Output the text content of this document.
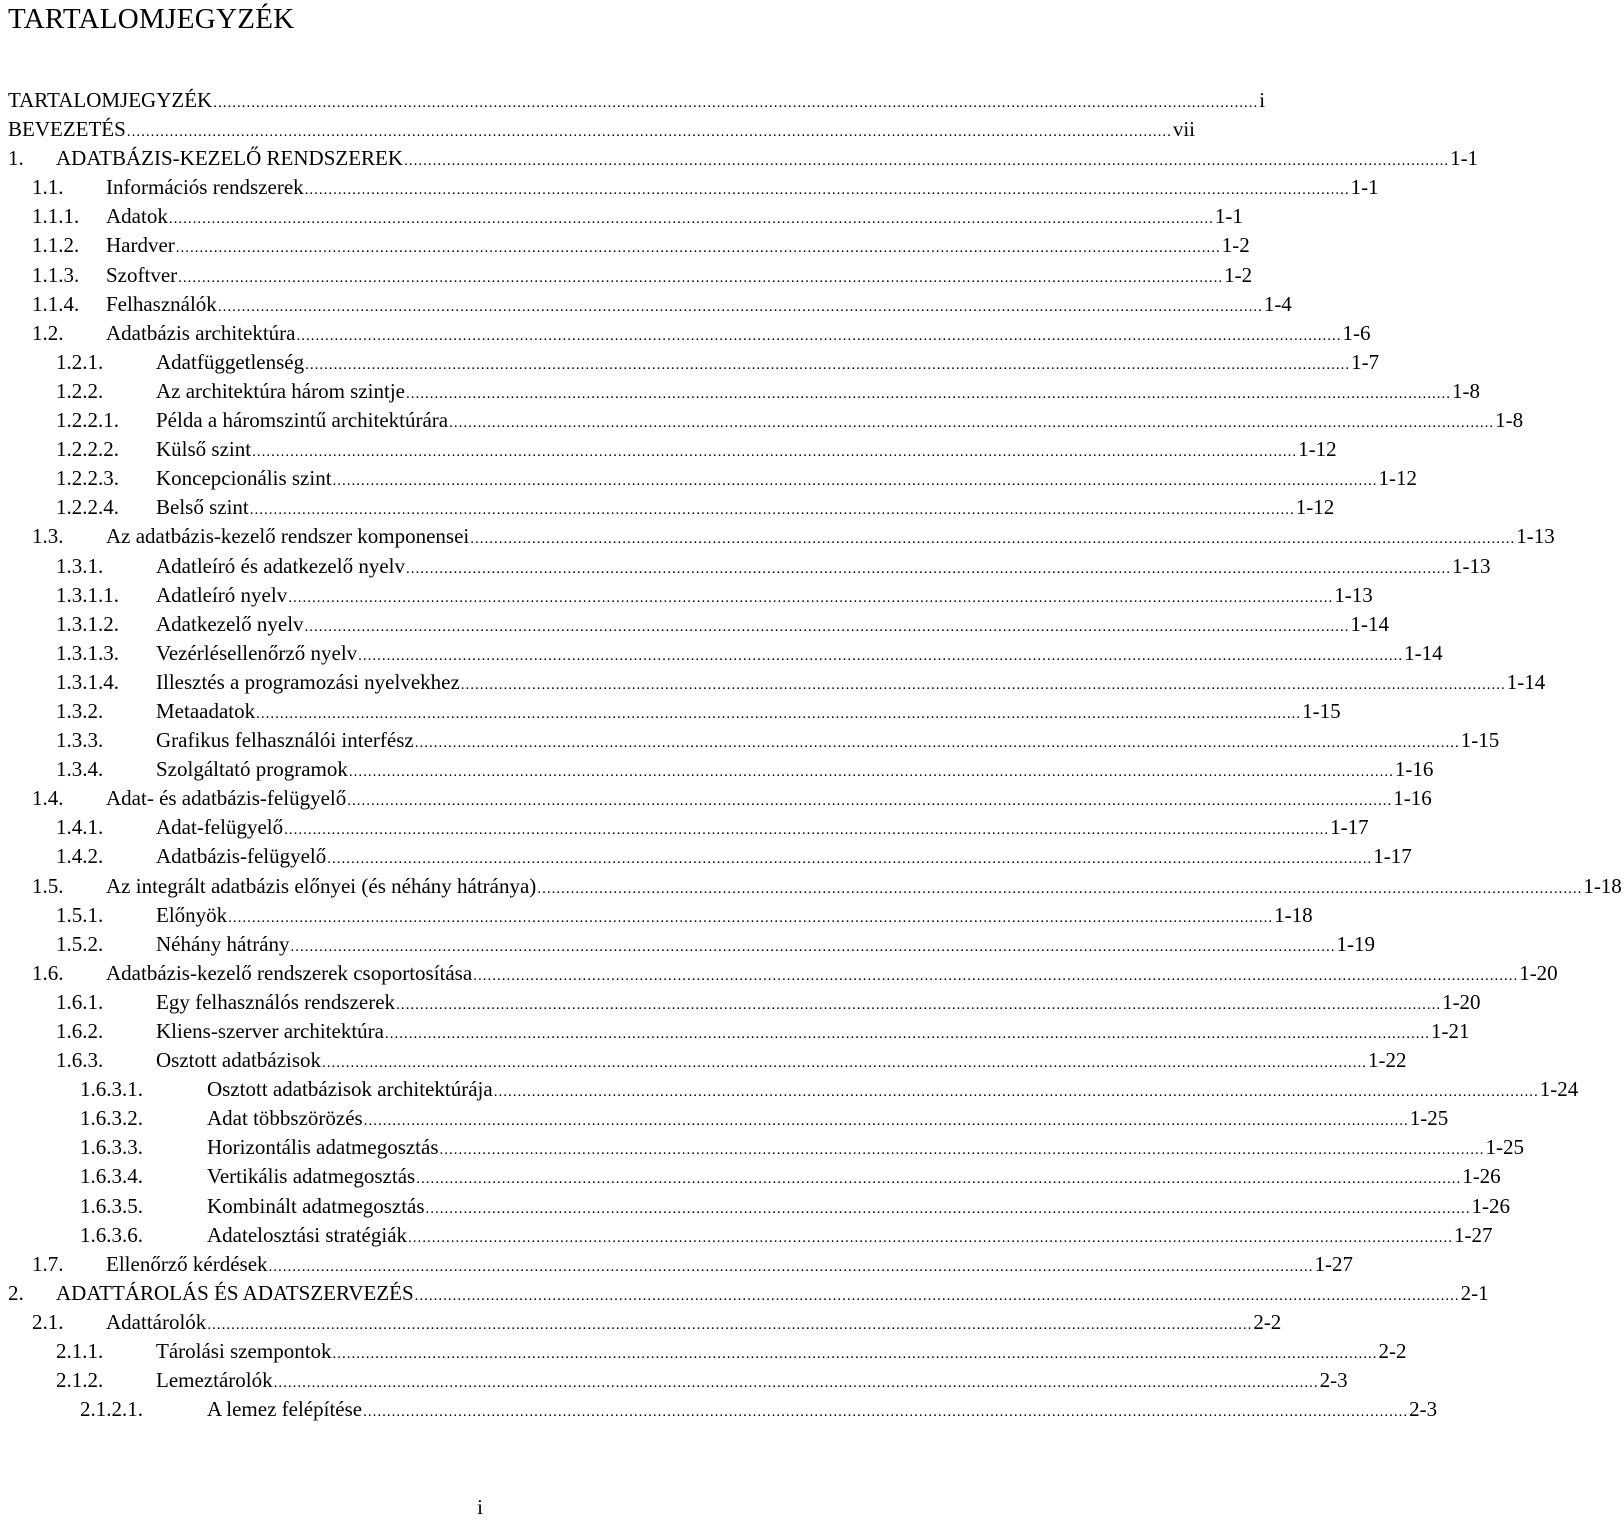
TARTALOMJEGYZÉK
TARTALOMJEGYZÉK ............................................................................................................................................................................................................................ i
BEVEZETÉS ............................................................................................................................................................................................................................ vii
1.	ADATBÁZIS-KEZELŐ RENDSZEREK ............................................................................................................................................................................................................................ 1-1
1.1.	Információs rendszerek ............................................................................................................................................................................................................................ 1-1
1.1.1.	Adatok ............................................................................................................................................................................................................................ 1-1
1.1.2.	Hardver ............................................................................................................................................................................................................................ 1-2
1.1.3.	Szoftver ............................................................................................................................................................................................................................ 1-2
1.1.4.	Felhasználók ............................................................................................................................................................................................................................ 1-4
1.2.	Adatbázis architektúra ............................................................................................................................................................................................................................ 1-6
1.2.1.	Adatfüggetlenség ............................................................................................................................................................................................................................ 1-7
1.2.2.	Az architektúra három szintje ............................................................................................................................................................................................................................ 1-8
1.2.2.1.	Példa a háromszintű architektúrára ............................................................................................................................................................................................................................ 1-8
1.2.2.2.	Külső szint ............................................................................................................................................................................................................................ 1-12
1.2.2.3.	Koncepcionális szint ............................................................................................................................................................................................................................ 1-12
1.2.2.4.	Belső szint ............................................................................................................................................................................................................................ 1-12
1.3.	Az adatbázis-kezelő rendszer komponensei ............................................................................................................................................................................................................................ 1-13
1.3.1.	Adatleíró és adatkezelő nyelv ............................................................................................................................................................................................................................ 1-13
1.3.1.1.	Adatleíró nyelv ............................................................................................................................................................................................................................ 1-13
1.3.1.2.	Adatkezelő nyelv ............................................................................................................................................................................................................................ 1-14
1.3.1.3.	Vezérlésellenőrző nyelv ............................................................................................................................................................................................................................ 1-14
1.3.1.4.	Illesztés a programozási nyelvekhez ............................................................................................................................................................................................................................ 1-14
1.3.2.	Metaadatok ............................................................................................................................................................................................................................ 1-15
1.3.3.	Grafikus felhasználói interfész ............................................................................................................................................................................................................................ 1-15
1.3.4.	Szolgáltató programok ............................................................................................................................................................................................................................ 1-16
1.4.	Adat- és adatbázis-felügyelő ............................................................................................................................................................................................................................ 1-16
1.4.1.	Adat-felügyelő ............................................................................................................................................................................................................................ 1-17
1.4.2.	Adatbázis-felügyelő ............................................................................................................................................................................................................................ 1-17
1.5.	Az integrált adatbázis előnyei (és néhány hátránya) ............................................................................................................................................................................................................................ 1-18
1.5.1.	Előnyök ............................................................................................................................................................................................................................ 1-18
1.5.2.	Néhány hátrány ............................................................................................................................................................................................................................ 1-19
1.6.	Adatbázis-kezelő rendszerek csoportosítása ............................................................................................................................................................................................................................ 1-20
1.6.1.	Egy felhasználós rendszerek ............................................................................................................................................................................................................................ 1-20
1.6.2.	Kliens-szerver architektúra ............................................................................................................................................................................................................................ 1-21
1.6.3.	Osztott adatbázisok ............................................................................................................................................................................................................................ 1-22
1.6.3.1.	Osztott adatbázisok architektúrája ............................................................................................................................................................................................................................ 1-24
1.6.3.2.	Adat többszörözés ............................................................................................................................................................................................................................ 1-25
1.6.3.3.	Horizontális adatmegosztás ............................................................................................................................................................................................................................ 1-25
1.6.3.4.	Vertikális adatmegosztás ............................................................................................................................................................................................................................ 1-26
1.6.3.5.	Kombinált adatmegosztás ............................................................................................................................................................................................................................ 1-26
1.6.3.6.	Adatelosztási stratégiák ............................................................................................................................................................................................................................ 1-27
1.7.	Ellenőrző kérdések ............................................................................................................................................................................................................................ 1-27
2.	ADATTÁROLÁS ÉS ADATSZERVEZÉS ............................................................................................................................................................................................................................ 2-1
2.1.	Adattárolók ............................................................................................................................................................................................................................ 2-2
2.1.1.	Tárolási szempontok ............................................................................................................................................................................................................................ 2-2
2.1.2.	Lemeztárolók ............................................................................................................................................................................................................................ 2-3
2.1.2.1.	A lemez felépítése ............................................................................................................................................................................................................................ 2-3
i
